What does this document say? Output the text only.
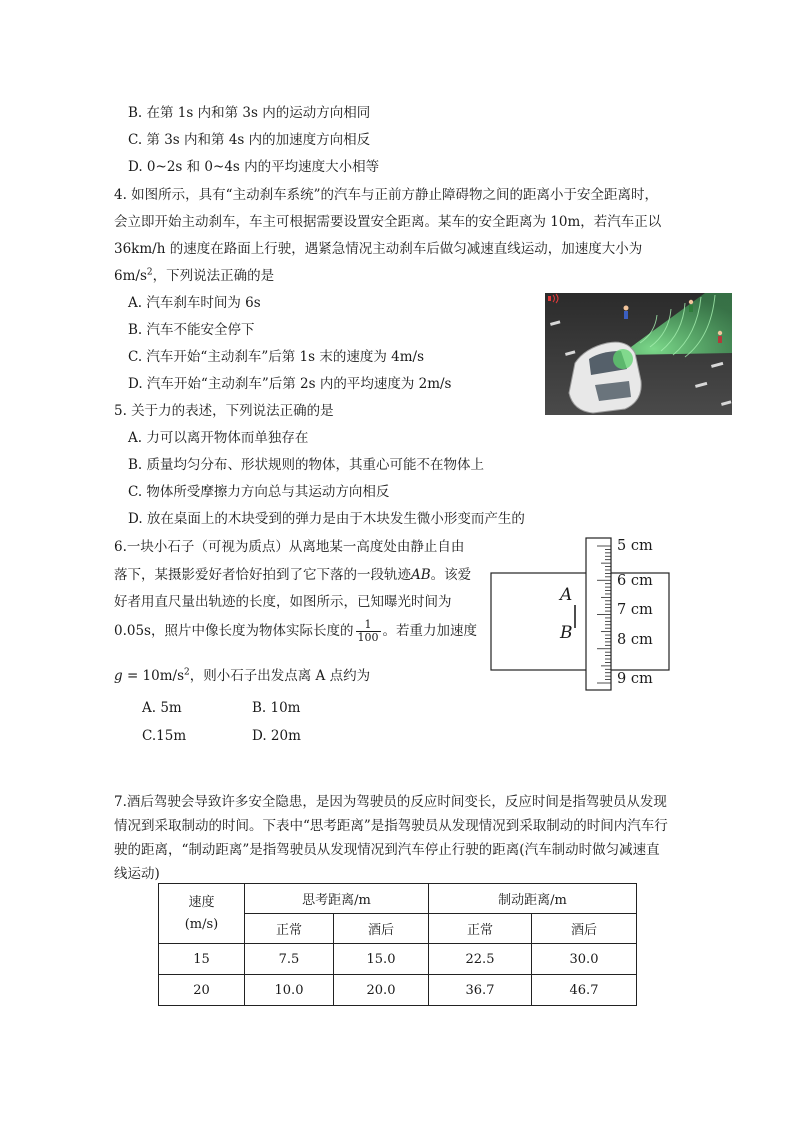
B. 在第 1s 内和第 3s 内的运动方向相同
C. 第 3s 内和第 4s 内的加速度方向相反
D. 0~2s 和 0~4s 内的平均速度大小相等
4. 如图所示，具有“主动刹车系统”的汽车与正前方静止障碍物之间的距离小于安全距离时，
会立即开始主动刹车，车主可根据需要设置安全距离。某车的安全距离为 10m，若汽车正以
36km/h 的速度在路面上行驶，遇紧急情况主动刹车后做匀减速直线运动，加速度大小为
$6m/s^2$，下列说法正确的是
A. 汽车刹车时间为 6s
B. 汽车不能安全停下
C. 汽车开始“主动刹车”后第 1s 末的速度为 4m/s
D. 汽车开始“主动刹车”后第 2s 内的平均速度为 2m/s
5. 关于力的表述，下列说法正确的是
A. 力可以离开物体而单独存在
B. 质量均匀分布、形状规则的物体，其重心可能不在物体上
C. 物体所受摩擦力方向总与其运动方向相反
D. 放在桌面上的木块受到的弹力是由于木块发生微小形变而产生的
6.一块小石子（可视为质点）从离地某一高度处由静止自由
落下，某摄影爱好者恰好拍到了它下落的一段轨迹AB。该爱
好者用直尺量出轨迹的长度，如图所示，已知曝光时间为
0.05s，照片中像长度为物体实际长度的 $\frac{1}{100}$ 。若重力加速度
$g = 10m/s^2$，则小石子出发点离 A 点约为
A. 5m	B. 10m
C.15m	D. 20m
A
B
5 cm
6 cm
7 cm
8 cm
9 cm
7.酒后驾驶会导致许多安全隐患，是因为驾驶员的反应时间变长，反应时间是指驾驶员从发现
情况到采取制动的时间。下表中“思考距离”是指驾驶员从发现情况到采取制动的时间内汽车行
驶的距离，“制动距离”是指驾驶员从发现情况到汽车停止行驶的距离(汽车制动时做匀减速直
线运动)
速度
(m/s)	思考距离/m		制动距离/m	
	正常	酒后	正常	酒后
15	7.5	15.0	22.5	30.0
20	10.0	20.0	36.7	46.7
